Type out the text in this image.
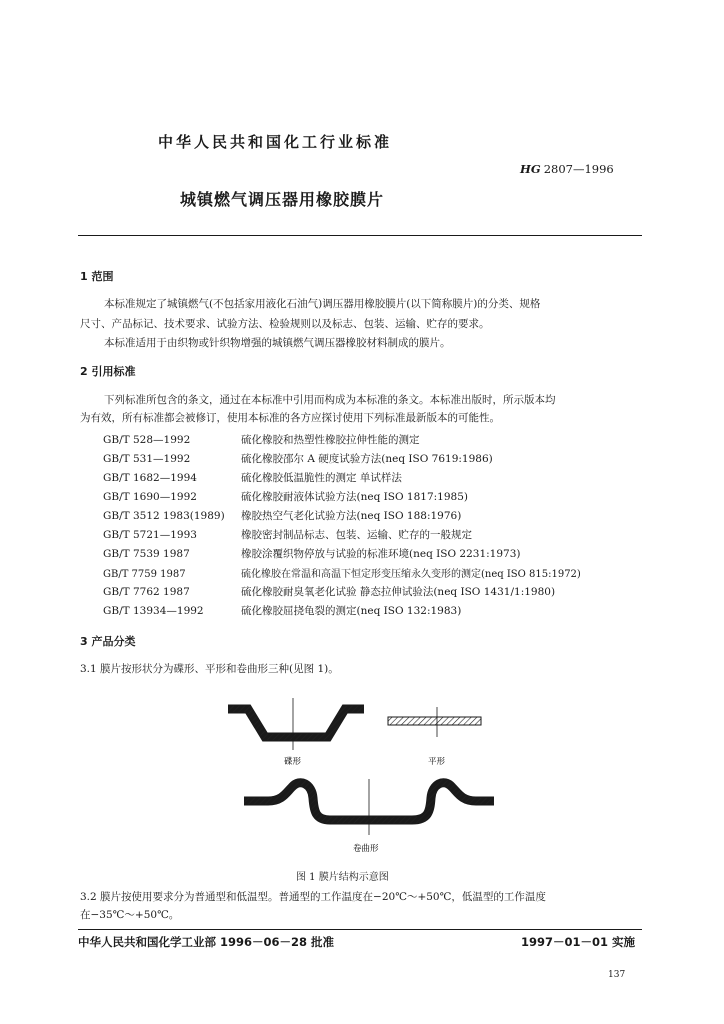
中华人民共和国化工行业标准
HG 2807—1996
城镇燃气调压器用橡胶膜片
1 范围
本标准规定了城镇燃气(不包括家用液化石油气)调压器用橡胶膜片(以下简称膜片)的分类、规格
尺寸、产品标记、技术要求、试验方法、检验规则以及标志、包装、运输、贮存的要求。
本标准适用于由织物或针织物增强的城镇燃气调压器橡胶材料制成的膜片。
2 引用标准
下列标准所包含的条文，通过在本标准中引用而构成为本标准的条文。本标准出版时，所示版本均
为有效，所有标准都会被修订，使用本标准的各方应探讨使用下列标准最新版本的可能性。
GB/T 528—1992	硫化橡胶和热塑性橡胶拉伸性能的测定
GB/T 531—1992	硫化橡胶邵尔 A 硬度试验方法(neq ISO 7619:1986)
GB/T 1682—1994	硫化橡胶低温脆性的测定 单试样法
GB/T 1690—1992	硫化橡胶耐液体试验方法(neq ISO 1817:1985)
GB/T 3512 1983(1989) 橡胶热空气老化试验方法(neq ISO 188:1976)
GB/T 5721—1993	橡胶密封制品标志、包装、运输、贮存的一般规定
GB/T 7539 1987	橡胶涂覆织物停放与试验的标准环境(neq ISO 2231:1973)
GB/T 7759 1987	硫化橡胶在常温和高温下恒定形变压缩永久变形的测定(neq ISO 815:1972)
GB/T 7762 1987	硫化橡胶耐臭氧老化试验 静态拉伸试验法(neq ISO 1431/1:1980)
GB/T 13934—1992	硫化橡胶屈挠龟裂的测定(neq ISO 132:1983)
3 产品分类
3.1 膜片按形状分为碟形、平形和卷曲形三种(见图 1)。
碟形	平形
卷曲形
图 1 膜片结构示意图
3.2 膜片按使用要求分为普通型和低温型。普通型的工作温度在−20℃～+50℃，低温型的工作温度
在−35℃～+50℃。
中华人民共和国化学工业部 1996－06－28 批准	1997－01－01 实施
137
